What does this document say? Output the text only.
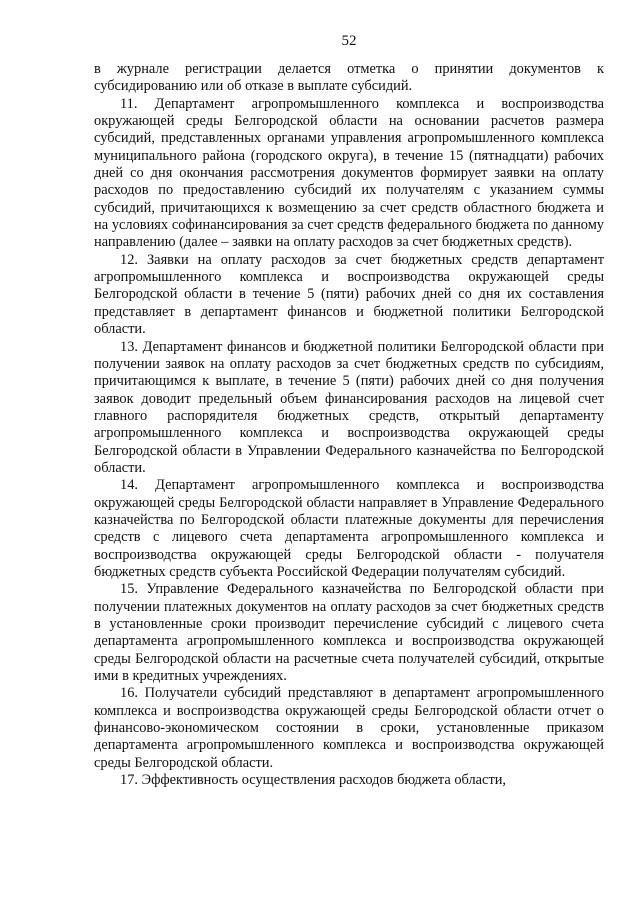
52

в журнале регистрации делается отметка о принятии документов к субсидированию или об отказе в выплате субсидий.

11. Департамент агропромышленного комплекса и воспроизводства окружающей среды Белгородской области на основании расчетов размера субсидий, представленных органами управления агропромышленного комплекса муниципального района (городского округа), в течение 15 (пятнадцати) рабочих дней со дня окончания рассмотрения документов формирует заявки на оплату расходов по предоставлению субсидий их получателям с указанием суммы субсидий, причитающихся к возмещению за счет средств областного бюджета и на условиях софинансирования за счет средств федерального бюджета по данному направлению (далее – заявки на оплату расходов за счет бюджетных средств).

12. Заявки на оплату расходов за счет бюджетных средств департамент агропромышленного комплекса и воспроизводства окружающей среды Белгородской области в течение 5 (пяти) рабочих дней со дня их составления представляет в департамент финансов и бюджетной политики Белгородской области.

13. Департамент финансов и бюджетной политики Белгородской области при получении заявок на оплату расходов за счет бюджетных средств по субсидиям, причитающимся к выплате, в течение 5 (пяти) рабочих дней со дня получения заявок доводит предельный объем финансирования расходов на лицевой счет главного распорядителя бюджетных средств, открытый департаменту агропромышленного комплекса и воспроизводства окружающей среды Белгородской области в Управлении Федерального казначейства по Белгородской области.

14. Департамент агропромышленного комплекса и воспроизводства окружающей среды Белгородской области направляет в Управление Федерального казначейства по Белгородской области платежные документы для перечисления средств с лицевого счета департамента агропромышленного комплекса и воспроизводства окружающей среды Белгородской области - получателя бюджетных средств субъекта Российской Федерации получателям субсидий.

15. Управление Федерального казначейства по Белгородской области при получении платежных документов на оплату расходов за счет бюджетных средств в установленные сроки производит перечисление субсидий с лицевого счета департамента агропромышленного комплекса и воспроизводства окружающей среды Белгородской области на расчетные счета получателей субсидий, открытые ими в кредитных учреждениях.

16. Получатели субсидий представляют в департамент агропромышленного комплекса и воспроизводства окружающей среды Белгородской области отчет о финансово-экономическом состоянии в сроки, установленные приказом департамента агропромышленного комплекса и воспроизводства окружающей среды Белгородской области.

17. Эффективность осуществления расходов бюджета области,
